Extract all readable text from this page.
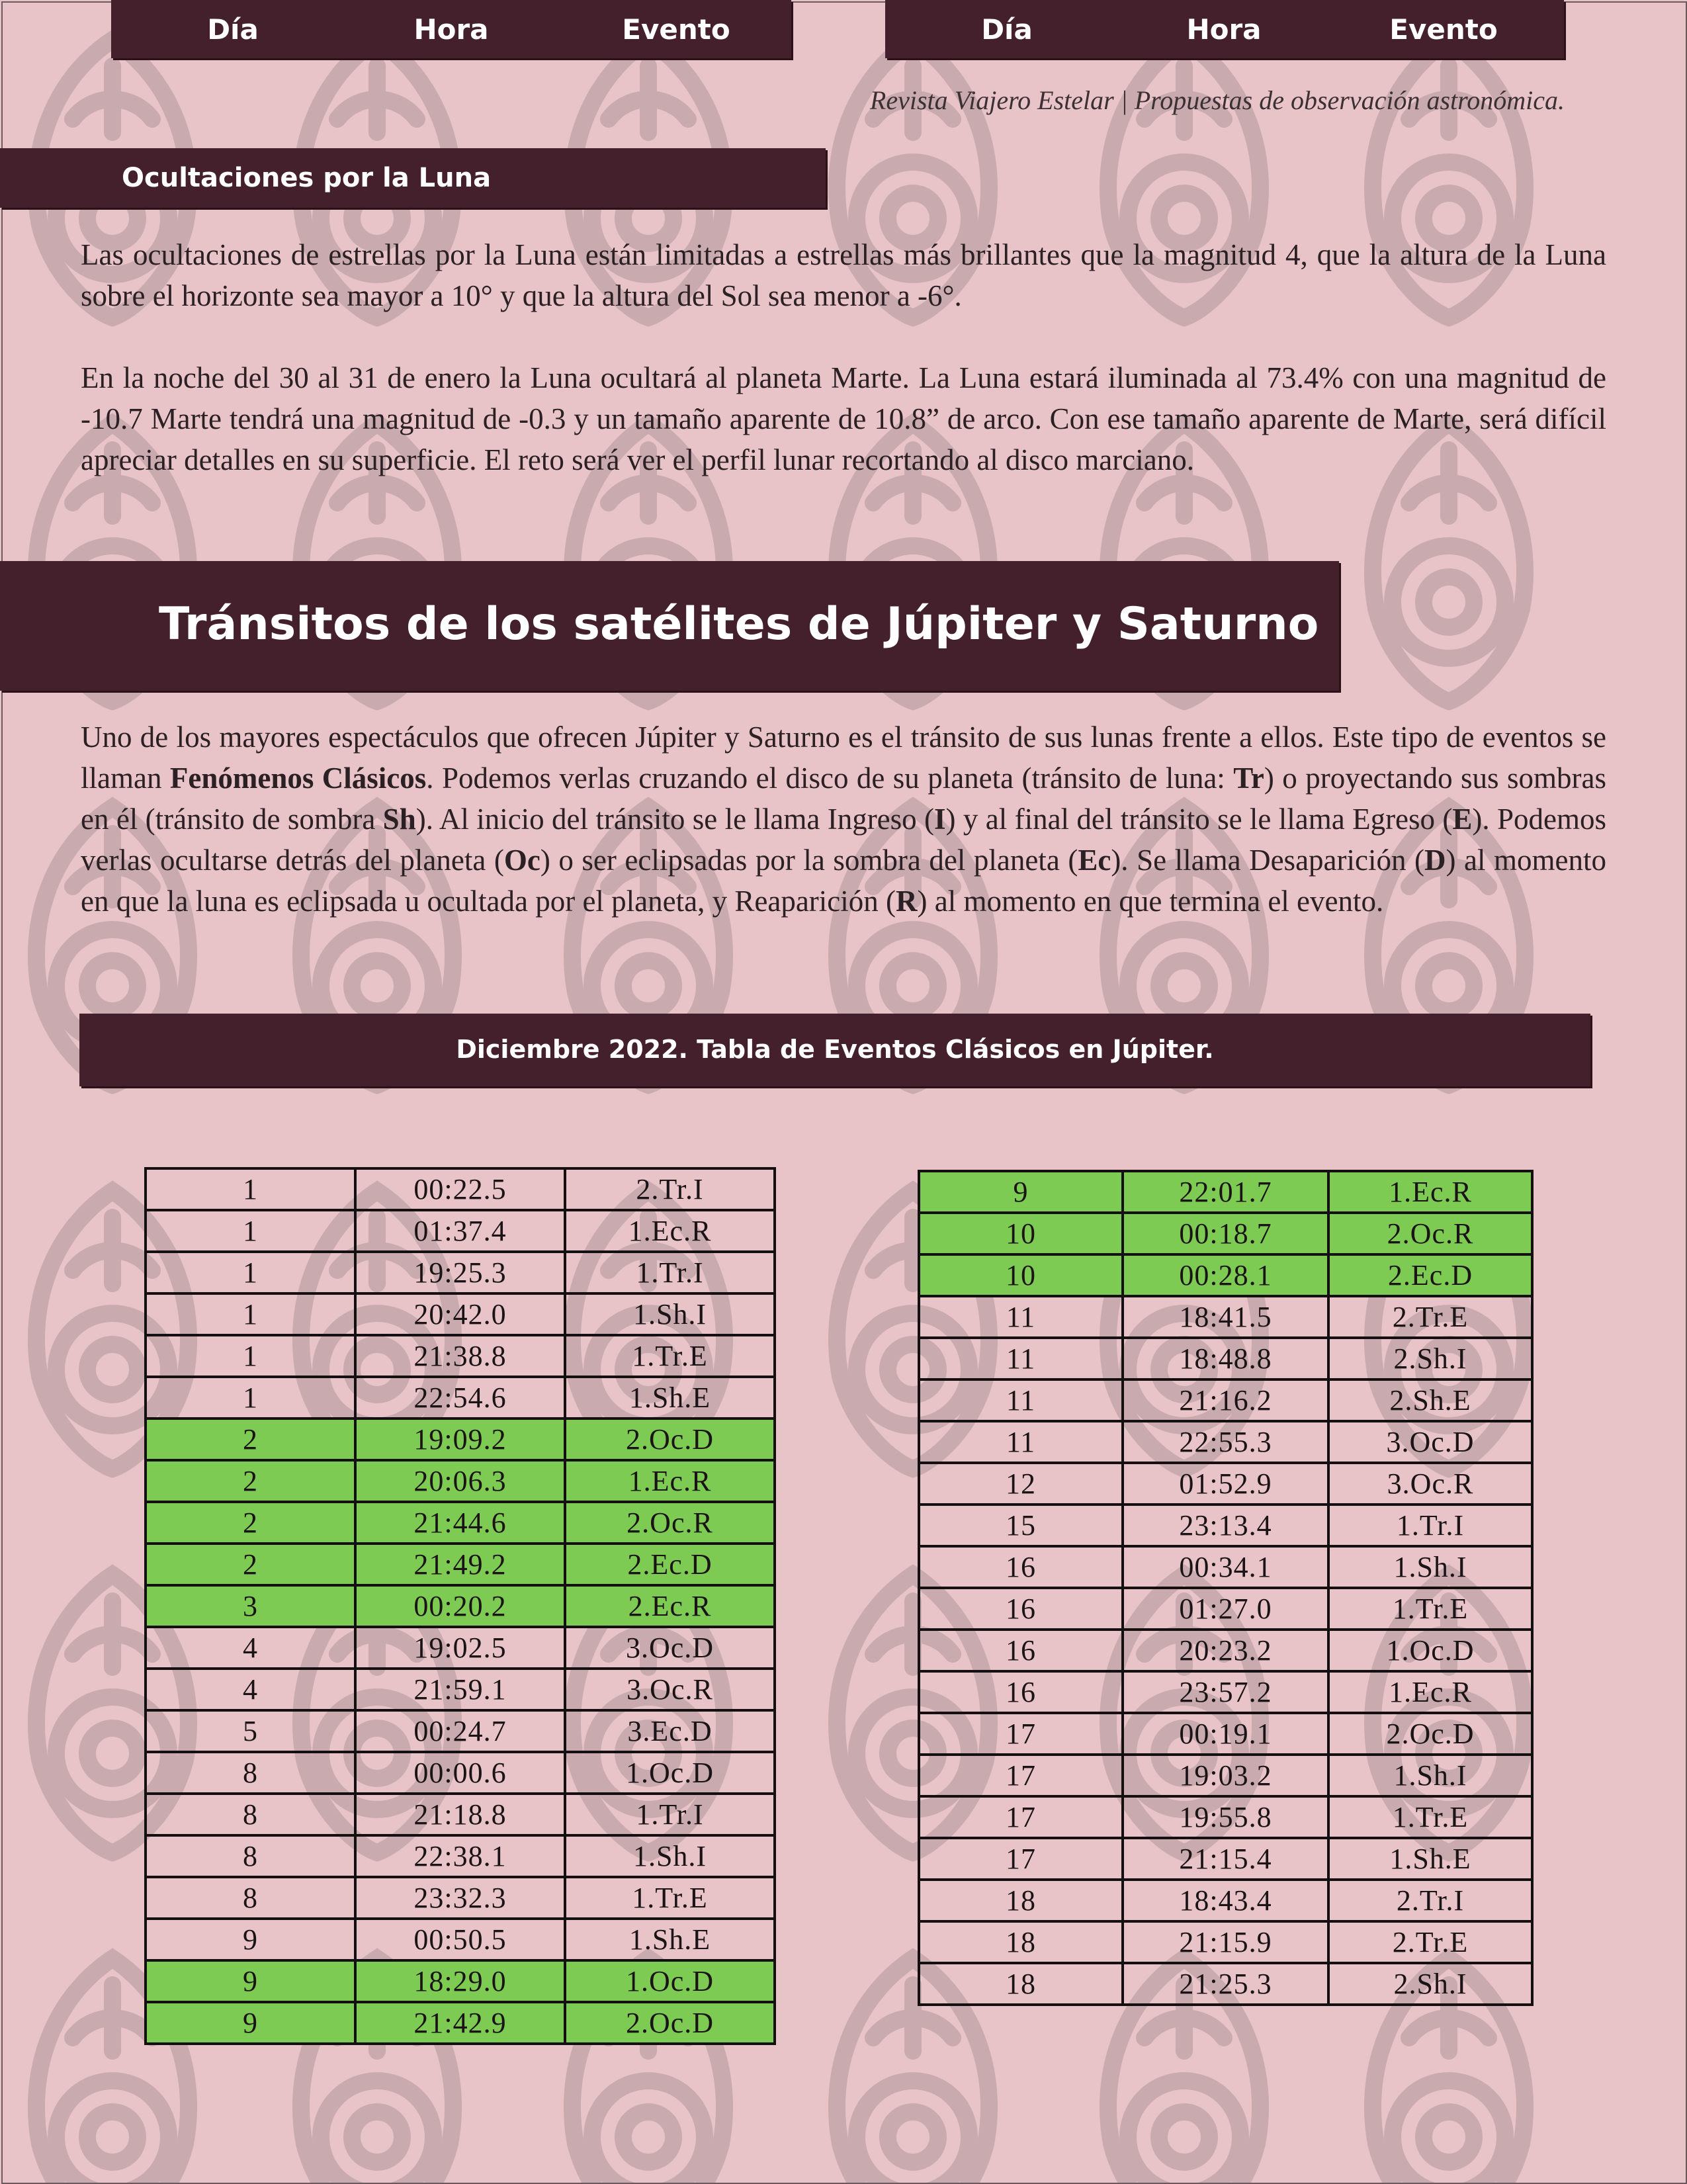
Revista Viajero Estelar | Propuestas de observación astronómica.
Ocultaciones por la Luna

Las ocultaciones de estrellas por la Luna están limitadas a estrellas más brillantes que la magnitud 4, que la altura de la Luna sobre el horizonte sea mayor a 10° y que la altura del Sol sea menor a -6°.

En la noche del 30 al 31 de enero la Luna ocultará al planeta Marte. La Luna estará iluminada al 73.4% con una magnitud de -10.7 Marte tendrá una magnitud de -0.3 y un tamaño aparente de 10.8” de arco. Con ese tamaño aparente de Marte, será difícil apreciar detalles en su superficie. El reto será ver el perfil lunar recortando al disco marciano.

Tránsitos de los satélites de Júpiter y Saturno

Uno de los mayores espectáculos que ofrecen Júpiter y Saturno es el tránsito de sus lunas frente a ellos. Este tipo de eventos se llaman Fenómenos Clásicos. Podemos verlas cruzando el disco de su planeta (tránsito de luna: Tr) o proyectando sus sombras en él (tránsito de sombra Sh). Al inicio del tránsito se le llama Ingreso (I) y al final del tránsito se le llama Egreso (E). Podemos verlas ocultarse detrás del planeta (Oc) o ser eclipsadas por la sombra del planeta (Ec). Se llama Desaparición (D) al momento en que la luna es eclipsada u ocultada por el planeta, y Reaparición (R) al momento en que termina el evento.

Diciembre 2022. Tabla de Eventos Clásicos en Júpiter.
Día	Hora	Evento	Día	Hora	Evento
1	00:22.5	2.Tr.I
1	01:37.4	1.Ec.R
1	19:25.3	1.Tr.I
1	20:42.0	1.Sh.I
1	21:38.8	1.Tr.E
1	22:54.6	1.Sh.E
2	19:09.2	2.Oc.D
2	20:06.3	1.Ec.R
2	21:44.6	2.Oc.R
2	21:49.2	2.Ec.D
3	00:20.2	2.Ec.R
4	19:02.5	3.Oc.D
4	21:59.1	3.Oc.R
5	00:24.7	3.Ec.D
8	00:00.6	1.Oc.D
8	21:18.8	1.Tr.I
8	22:38.1	1.Sh.I
8	23:32.3	1.Tr.E
9	00:50.5	1.Sh.E
9	18:29.0	1.Oc.D
9	21:42.9	2.Oc.D
9	22:01.7	1.Ec.R
10	00:18.7	2.Oc.R
10	00:28.1	2.Ec.D
11	18:41.5	2.Tr.E
11	18:48.8	2.Sh.I
11	21:16.2	2.Sh.E
11	22:55.3	3.Oc.D
12	01:52.9	3.Oc.R
15	23:13.4	1.Tr.I
16	00:34.1	1.Sh.I
16	01:27.0	1.Tr.E
16	20:23.2	1.Oc.D
16	23:57.2	1.Ec.R
17	00:19.1	2.Oc.D
17	19:03.2	1.Sh.I
17	19:55.8	1.Tr.E
17	21:15.4	1.Sh.E
18	18:43.4	2.Tr.I
18	21:15.9	2.Tr.E
18	21:25.3	2.Sh.I
